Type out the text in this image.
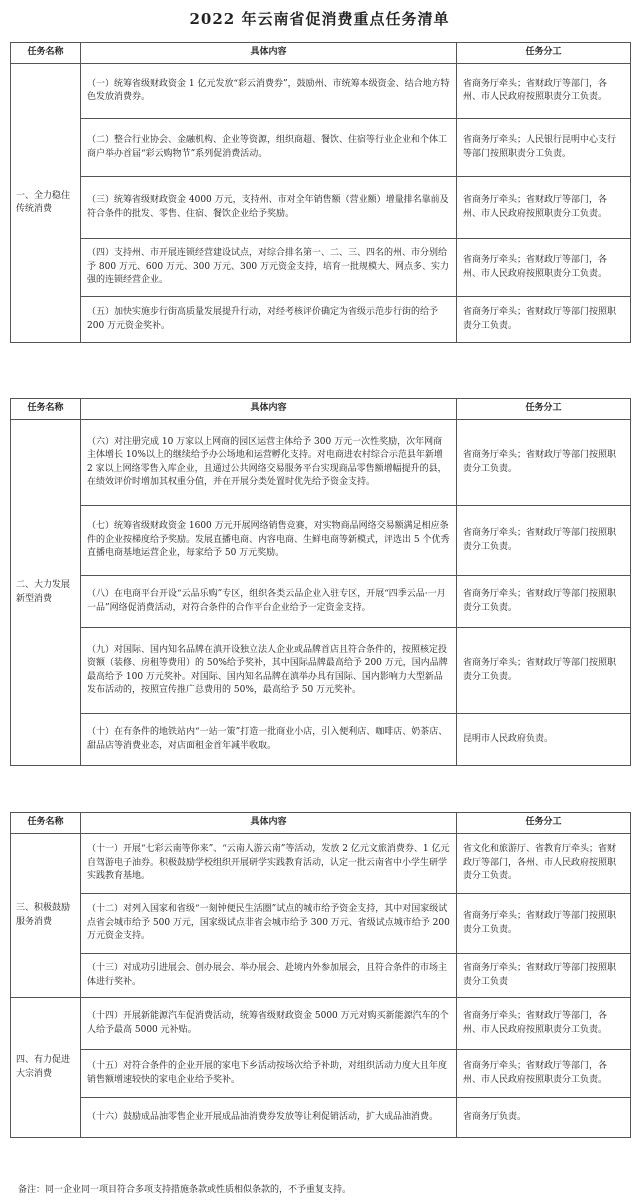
2022 年云南省促消费重点任务清单
任务名称	具体内容	任务分工
一、全力稳住传统消费	（一）统筹省级财政资金 1 亿元发放“彩云消费券”，鼓励州、市统筹本级资金、结合地方特色发放消费券。	省商务厅牵头；省财政厅等部门，各州、市人民政府按照职责分工负责。
	（二）整合行业协会、金融机构、企业等资源，组织商超、餐饮、住宿等行业企业和个体工商户举办首届“彩云购物节”系列促消费活动。	省商务厅牵头；人民银行昆明中心支行等部门按照职责分工负责。
	（三）统筹省级财政资金 4000 万元，支持州、市对全年销售额（营业额）增量排名靠前及符合条件的批发、零售、住宿、餐饮企业给予奖励。	省商务厅牵头；省财政厅等部门，各州、市人民政府按照职责分工负责。
	（四）支持州、市开展连锁经营建设试点，对综合排名第一、二、三、四名的州、市分别给予 800 万元、600 万元、300 万元、300 万元资金支持，培育一批规模大、网点多、实力强的连锁经营企业。	省商务厅牵头；省财政厅等部门，各州、市人民政府按照职责分工负责。
	（五）加快实施步行街高质量发展提升行动，对经考核评价确定为省级示范步行街的给予 200 万元资金奖补。	省商务厅牵头；省财政厅等部门按照职责分工负责。
任务名称	具体内容	任务分工
二、大力发展新型消费	（六）对注册完成 10 万家以上网商的园区运营主体给予 300 万元一次性奖励，次年网商主体增长 10%以上的继续给予办公场地和运营孵化支持。对电商进农村综合示范县年新增 2 家以上网络零售入库企业，且通过公共网络交易服务平台实现商品零售额增幅提升的县，在绩效评价时增加其权重分值，并在开展分类处置时优先给予资金支持。	省商务厅牵头；省财政厅等部门按照职责分工负责。
	（七）统筹省级财政资金 1600 万元开展网络销售竞赛，对实物商品网络交易额满足相应条件的企业按梯度给予奖励。发展直播电商、内容电商、生鲜电商等新模式，评选出 5 个优秀直播电商基地运营企业，每家给予 50 万元奖励。	省商务厅牵头；省财政厅等部门按照职责分工负责。
	（八）在电商平台开设“云品乐购”专区，组织各类云品企业入驻专区，开展“四季云品·一月一品”网络促消费活动，对符合条件的合作平台企业给予一定资金支持。	省商务厅牵头；省财政厅等部门按照职责分工负责。
	（九）对国际、国内知名品牌在滇开设独立法人企业或品牌首店且符合条件的，按照核定投资额（装修、房租等费用）的 50%给予奖补，其中国际品牌最高给予 200 万元，国内品牌最高给予 100 万元奖补。对国际、国内知名品牌在滇举办具有国际、国内影响力大型新品发布活动的，按照宣传推广总费用的 50%，最高给予 50 万元奖补。	省商务厅牵头；省财政厅等部门按照职责分工负责。
	（十）在有条件的地铁站内“一站一策”打造一批商业小店，引入便利店、咖啡店、奶茶店、甜品店等消费业态，对店面租金首年减半收取。	昆明市人民政府负责。
任务名称	具体内容	任务分工
三、积极鼓励服务消费	（十一）开展“七彩云南等你来”、“云南人游云南”等活动，发放 2 亿元文旅消费券、1 亿元自驾游电子油券。积极鼓励学校组织开展研学实践教育活动，认定一批云南省中小学生研学实践教育基地。	省文化和旅游厅、省教育厅牵头；省财政厅等部门，各州、市人民政府按照职责分工负责。
	（十二）对列入国家和省级“一刻钟便民生活圈”试点的城市给予资金支持，其中对国家级试点省会城市给予 500 万元，国家级试点非省会城市给予 300 万元、省级试点城市给予 200 万元资金支持。	省商务厅牵头；省财政厅等部门按照职责分工负责。
	（十三）对成功引进展会、创办展会、举办展会、赴境内外参加展会，且符合条件的市场主体进行奖补。	省商务厅牵头；省财政厅等部门按照职责分工负责
四、有力促进大宗消费	（十四）开展新能源汽车促消费活动，统筹省级财政资金 5000 万元对购买新能源汽车的个人给予最高 5000 元补贴。	省商务厅牵头；省财政厅等部门，各州、市人民政府按照职责分工负责。
	（十五）对符合条件的企业开展的家电下乡活动按场次给予补助，对组织活动力度大且年度销售额增速较快的家电企业给予奖补。	省商务厅牵头；省财政厅等部门，各州、市人民政府按照职责分工负责。
	（十六）鼓励成品油零售企业开展成品油消费券发放等让利促销活动，扩大成品油消费。	省商务厅负责。
备注：同一企业同一项目符合多项支持措施条款或性质相似条款的，不予重复支持。
